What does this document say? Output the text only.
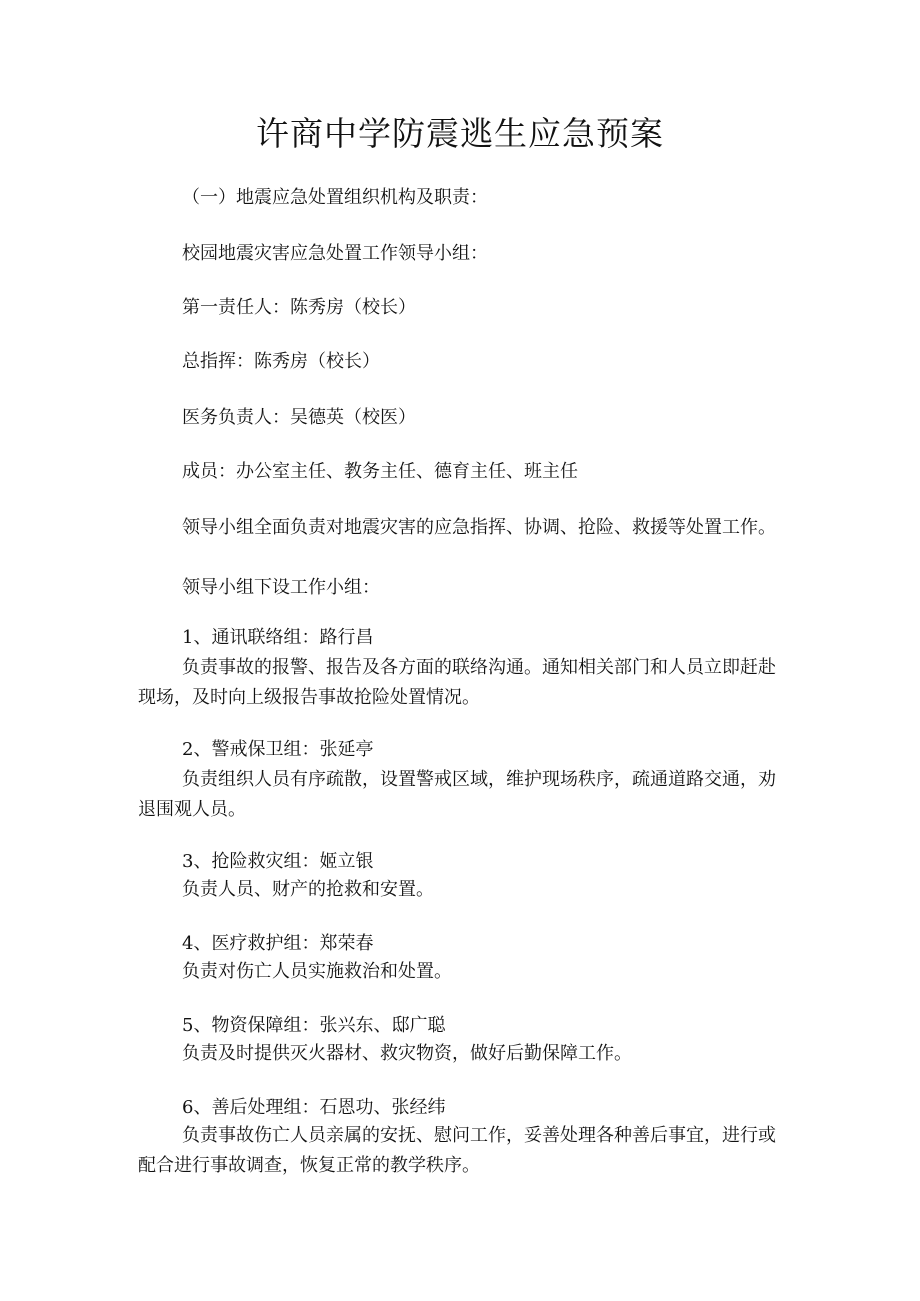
许商中学防震逃生应急预案

（一）地震应急处置组织机构及职责：

校园地震灾害应急处置工作领导小组：

第一责任人：陈秀房（校长）

总指挥：陈秀房（校长）

医务负责人：吴德英（校医）

成员：办公室主任、教务主任、德育主任、班主任

领导小组全面负责对地震灾害的应急指挥、协调、抢险、救援等处置工作。

领导小组下设工作小组：

1、通讯联络组：路行昌

负责事故的报警、报告及各方面的联络沟通。通知相关部门和人员立即赶赴现场，及时向上级报告事故抢险处置情况。

2、警戒保卫组：张延亭

负责组织人员有序疏散，设置警戒区域，维护现场秩序，疏通道路交通，劝退围观人员。

3、抢险救灾组：姬立银

负责人员、财产的抢救和安置。

4、医疗救护组：郑荣春

负责对伤亡人员实施救治和处置。

5、物资保障组：张兴东、邸广聪

负责及时提供灭火器材、救灾物资，做好后勤保障工作。

6、善后处理组：石恩功、张经纬

负责事故伤亡人员亲属的安抚、慰问工作，妥善处理各种善后事宜，进行或配合进行事故调查，恢复正常的教学秩序。
